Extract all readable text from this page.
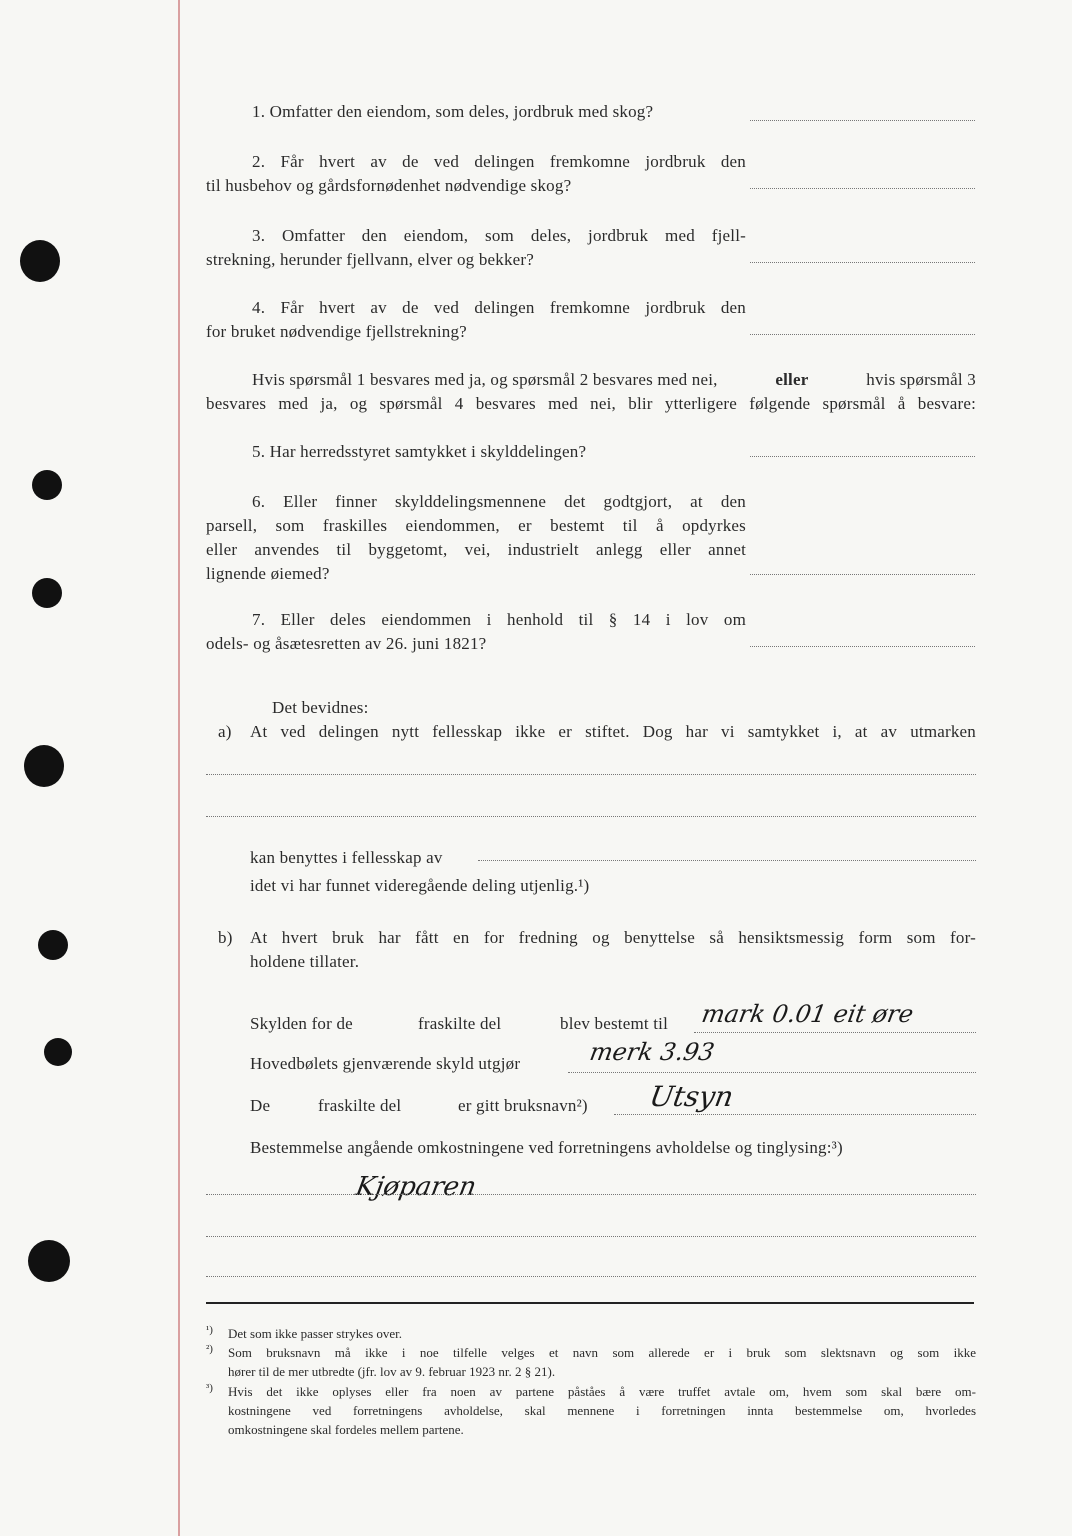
1. Omfatter den eiendom, som deles, jordbruk med skog?

2. Får hvert av de ved delingen fremkomne jordbruk den

til husbehov og gårdsfornødenhet nødvendige skog?

3. Omfatter den eiendom, som deles, jordbruk med fjell-

strekning, herunder fjellvann, elver og bekker?

4. Får hvert av de ved delingen fremkomne jordbruk den

for bruket nødvendige fjellstrekning?

Hvis spørsmål 1 besvares med ja, og spørsmål 2 besvares med nei,	eller	hvis spørsmål 3

besvares med ja, og spørsmål 4 besvares med nei, blir ytterligere følgende spørsmål å besvare:

5. Har herredsstyret samtykket i skylddelingen?

6. Eller finner skylddelingsmennene det godtgjort, at den

parsell, som fraskilles eiendommen, er bestemt til å opdyrkes

eller anvendes til byggetomt, vei, industrielt anlegg eller annet

lignende øiemed?

7. Eller deles eiendommen i henhold til § 14 i lov om

odels- og åsætesretten av 26. juni 1821?

Det bevidnes:

a) At ved delingen nytt fellesskap ikke er stiftet. Dog har vi samtykket i, at av utmarken

kan benyttes i fellesskap av

idet vi har funnet videregående deling utjenlig.¹)

b) At hvert bruk har fått en for fredning og benyttelse så hensiktsmessig form som for-

holdene tillater.

Skylden for de	fraskilte del	blev bestemt til mark 0.01 eit øre

Hovedbølets gjenværende skyld utgjør	merk 3.93

De	fraskilte del	er gitt bruksnavn²) Utsyn

Bestemmelse angående omkostningene ved forretningens avholdelse og tinglysing:³)

Kjøparen
¹) Det som ikke passer strykes over.

²) Som bruksnavn må ikke i noe tilfelle velges et navn som allerede er i bruk som slektsnavn og som ikke

hører til de mer utbredte (jfr. lov av 9. februar 1923 nr. 2 § 21).

³) Hvis det ikke oplyses eller fra noen av partene påståes å være truffet avtale om, hvem som skal bære om-

kostningene ved forretningens avholdelse, skal mennene i forretningen innta bestemmelse om, hvorledes

omkostningene skal fordeles mellem partene.
